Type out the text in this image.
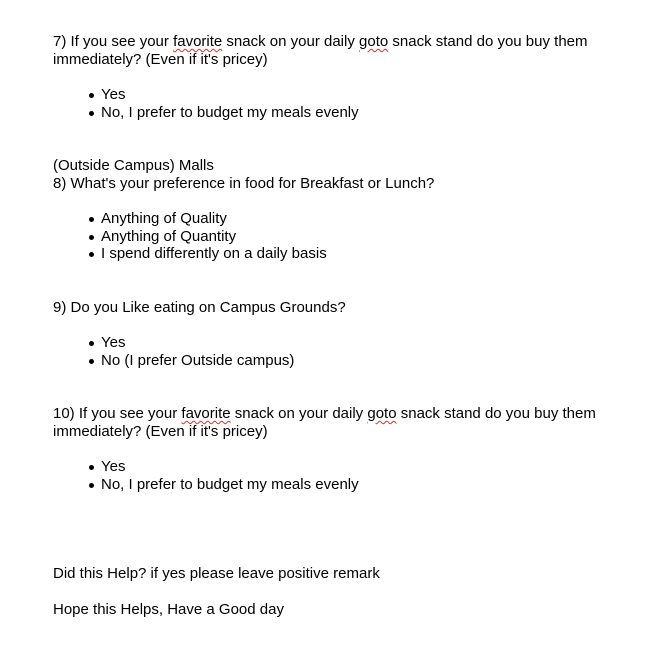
7) If you see your favorite snack on your daily goto snack stand do you buy them immediately? (Even if it's pricey)

Yes
No, I prefer to budget my meals evenly

(Outside Campus) Malls

8) What's your preference in food for Breakfast or Lunch?

Anything of Quality
Anything of Quantity
I spend differently on a daily basis

9) Do you Like eating on Campus Grounds?

Yes
No (I prefer Outside campus)

10) If you see your favorite snack on your daily goto snack stand do you buy them immediately? (Even if it's pricey)

Yes
No, I prefer to budget my meals evenly

Did this Help? if yes please leave positive remark

Hope this Helps, Have a Good day
